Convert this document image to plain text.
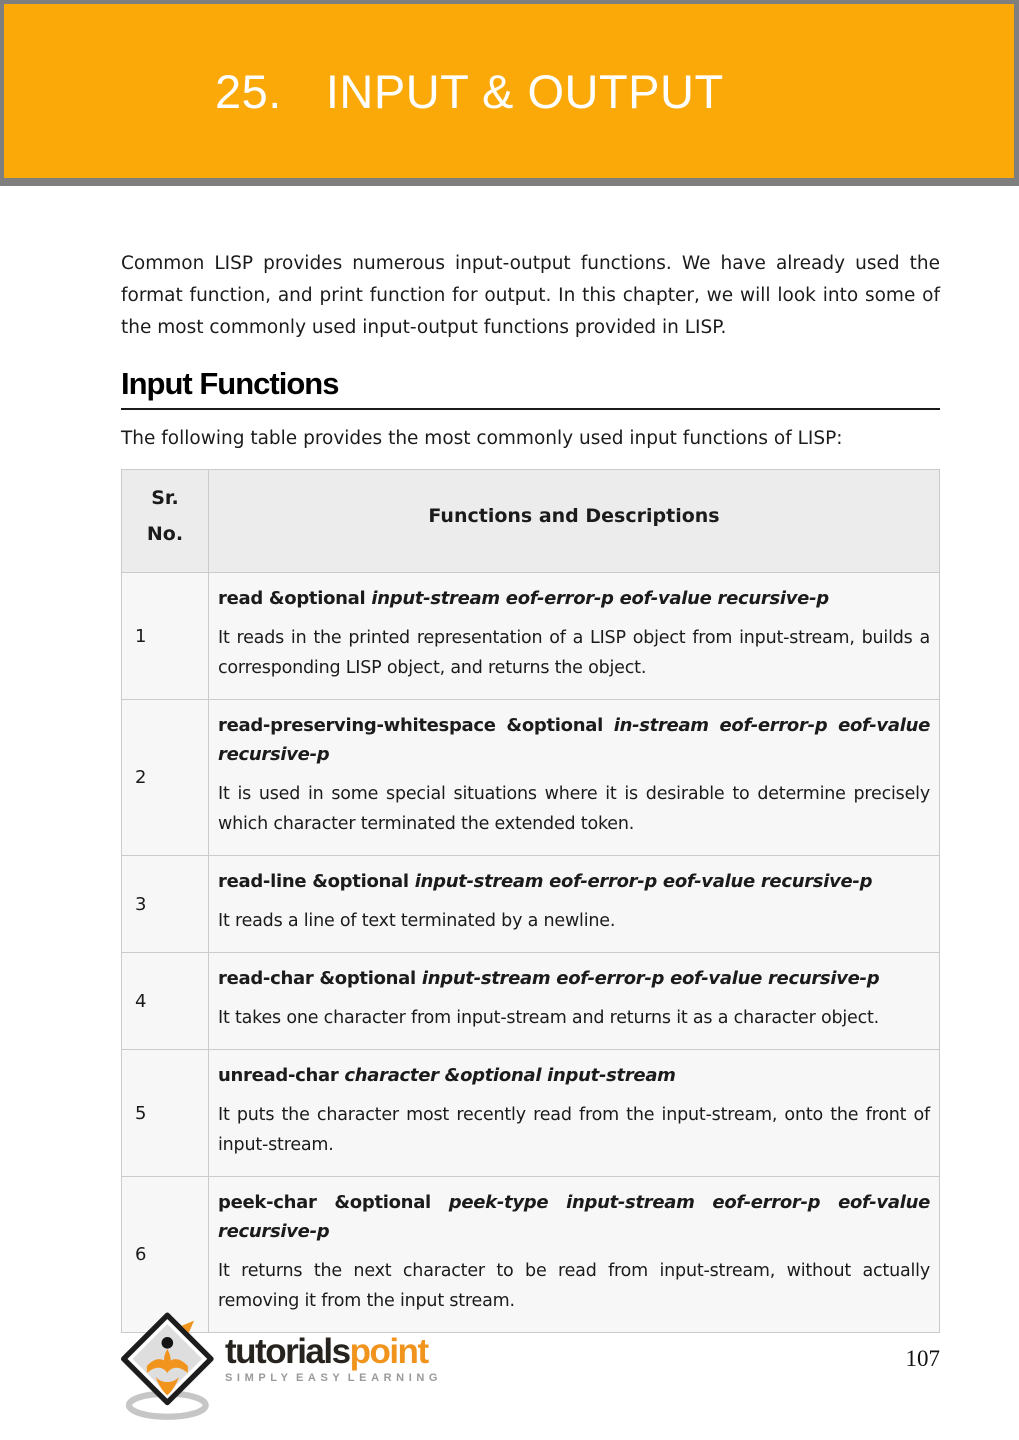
25. INPUT & OUTPUT

Common LISP provides numerous input-output functions. We have already used the format function, and print function for output. In this chapter, we will look into some of the most commonly used input-output functions provided in LISP.

Input Functions

The following table provides the most commonly used input functions of LISP:

Sr.
No.	Functions and Descriptions
1	read &optional input-stream eof-error-p eof-value recursive-p

It reads in the printed representation of a LISP object from input-stream, builds a corresponding LISP object, and returns the object.

2	read-preserving-whitespace &optional in-stream eof-error-p eof-value recursive-p

It is used in some special situations where it is desirable to determine precisely which character terminated the extended token.

3	read-line &optional input-stream eof-error-p eof-value recursive-p

It reads a line of text terminated by a newline.

4	read-char &optional input-stream eof-error-p eof-value recursive-p

It takes one character from input-stream and returns it as a character object.

5	unread-char character &optional input-stream

It puts the character most recently read from the input-stream, onto the front of input-stream.

6	peek-char &optional peek-type input-stream eof-error-p eof-value recursive-p

It returns the next character to be read from input-stream, without actually removing it from the input stream.

tutorialspoint
SIMPLY EASY LEARNING
107
